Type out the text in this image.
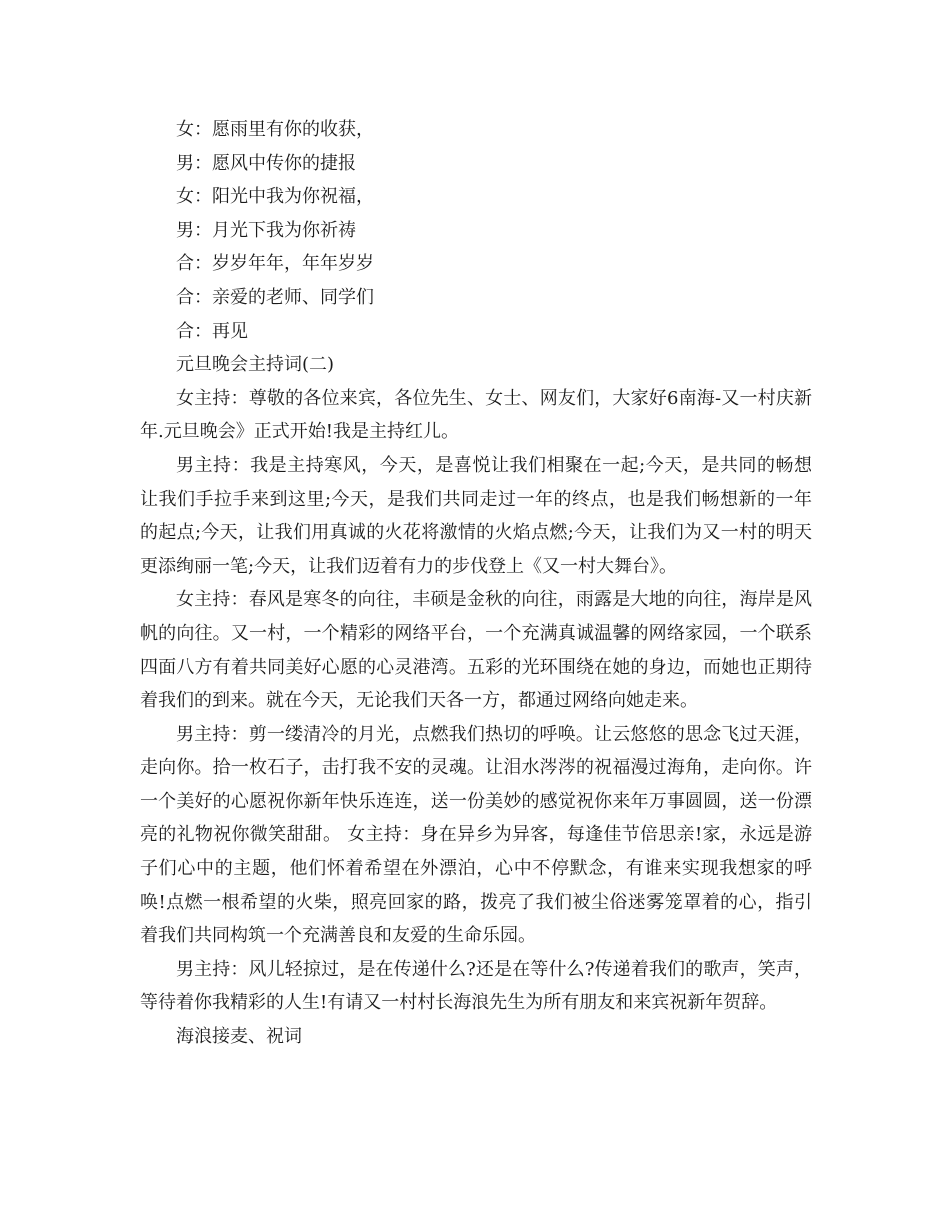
女：愿雨里有你的收获，

男：愿风中传你的捷报

女：阳光中我为你祝福，

男：月光下我为你祈祷

合：岁岁年年，年年岁岁

合：亲爱的老师、同学们

合：再见

元旦晚会主持词(二)

女主持：尊敬的各位来宾，各位先生、女士、网友们，大家好6南海-又一村庆新年.元旦晚会》正式开始!我是主持红儿。

男主持：我是主持寒风，今天，是喜悦让我们相聚在一起;今天，是共同的畅想让我们手拉手来到这里;今天，是我们共同走过一年的终点，也是我们畅想新的一年的起点;今天，让我们用真诚的火花将激情的火焰点燃;今天，让我们为又一村的明天更添绚丽一笔;今天，让我们迈着有力的步伐登上《又一村大舞台》。

女主持：春风是寒冬的向往，丰硕是金秋的向往，雨露是大地的向往，海岸是风帆的向往。又一村，一个精彩的网络平台，一个充满真诚温馨的网络家园，一个联系四面八方有着共同美好心愿的心灵港湾。五彩的光环围绕在她的身边，而她也正期待着我们的到来。就在今天，无论我们天各一方，都通过网络向她走来。

男主持：剪一缕清冷的月光，点燃我们热切的呼唤。让云悠悠的思念飞过天涯，走向你。拾一枚石子，击打我不安的灵魂。让泪水涔涔的祝福漫过海角，走向你。许一个美好的心愿祝你新年快乐连连，送一份美妙的感觉祝你来年万事圆圆，送一份漂亮的礼物祝你微笑甜甜。 女主持：身在异乡为异客，每逢佳节倍思亲!家，永远是游子们心中的主题，他们怀着希望在外漂泊，心中不停默念，有谁来实现我想家的呼唤!点燃一根希望的火柴，照亮回家的路，拨亮了我们被尘俗迷雾笼罩着的心，指引着我们共同构筑一个充满善良和友爱的生命乐园。

男主持：风儿轻掠过，是在传递什么?还是在等什么?传递着我们的歌声，笑声，等待着你我精彩的人生!有请又一村村长海浪先生为所有朋友和来宾祝新年贺辞。

海浪接麦、祝词
